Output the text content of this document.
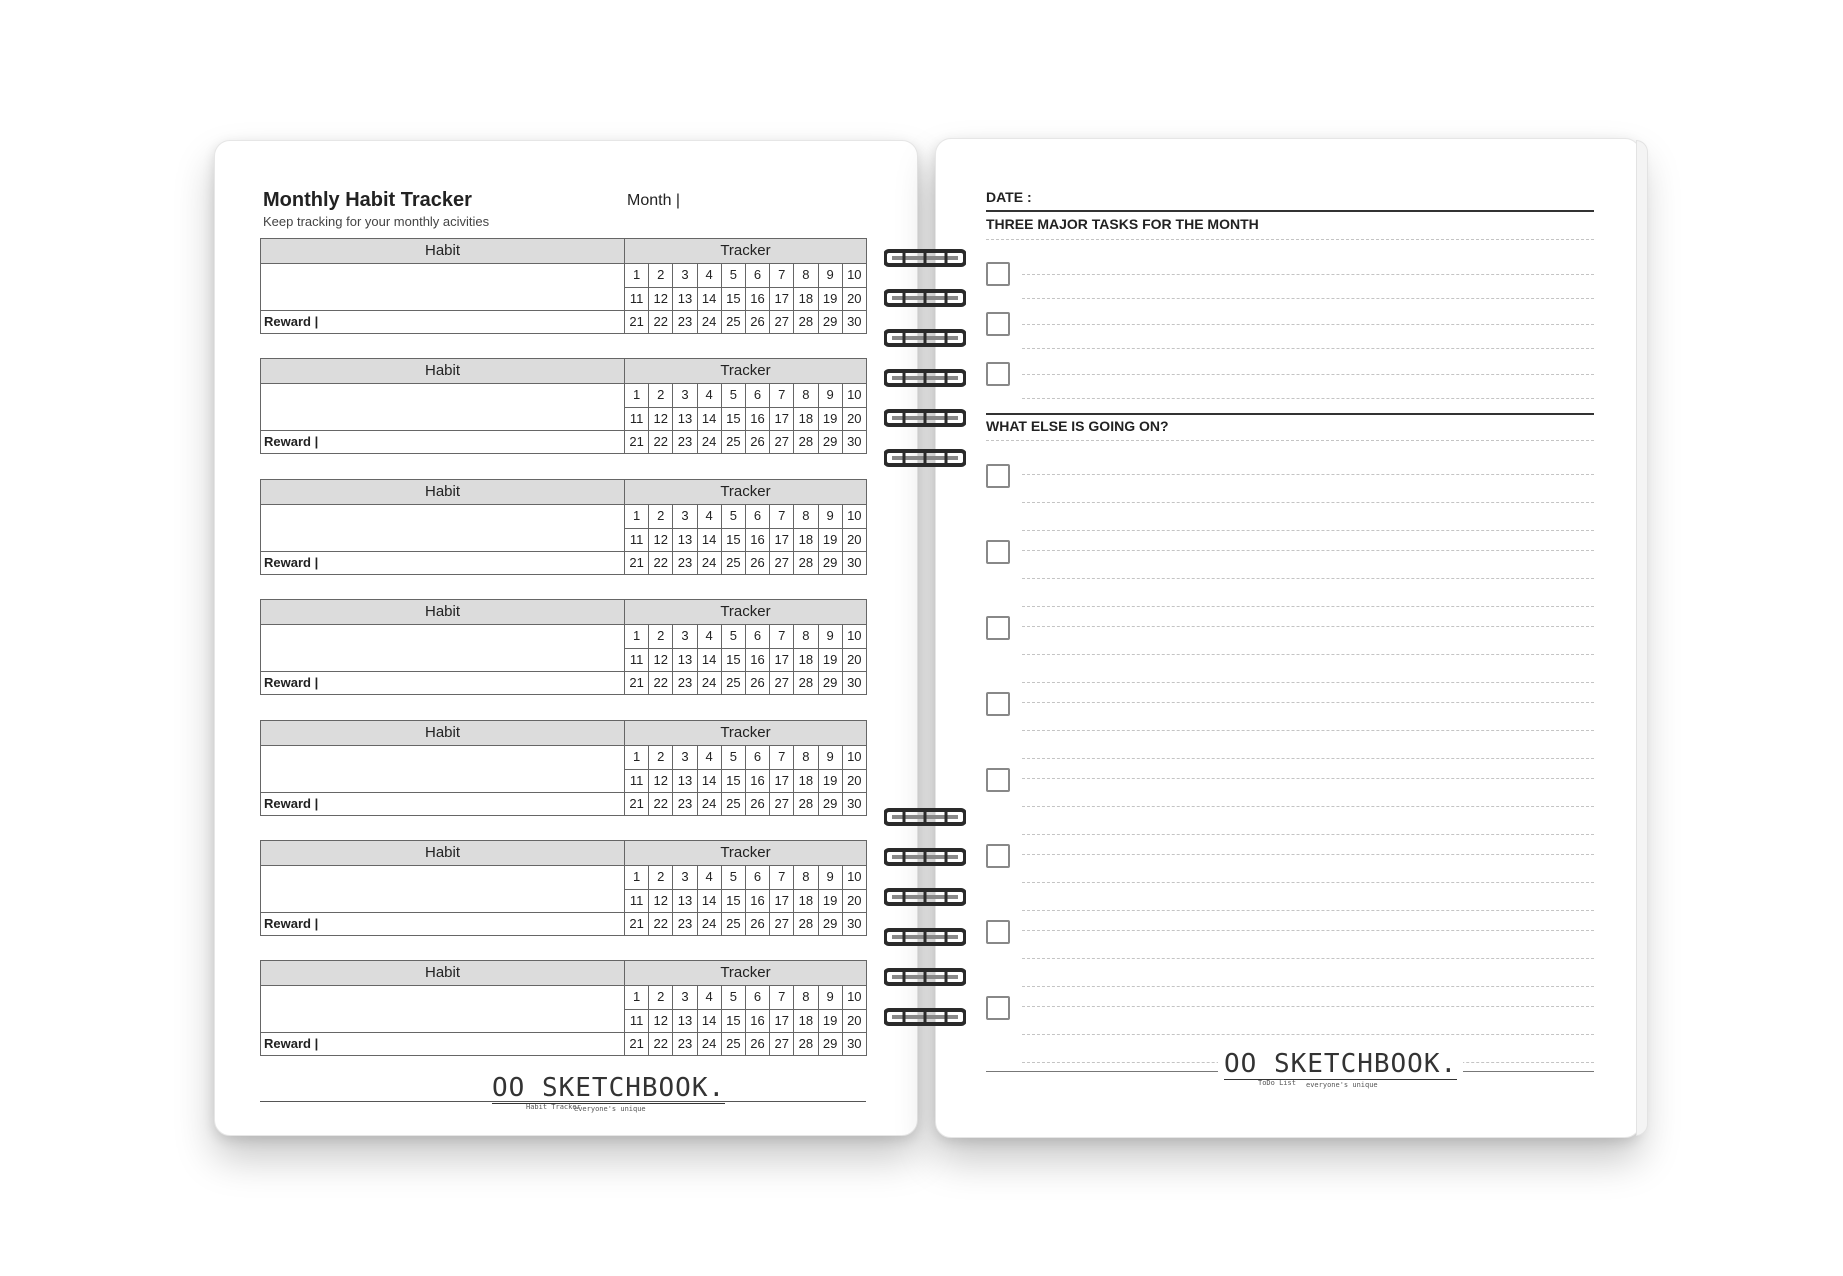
Monthly Habit Tracker
Keep tracking for your monthly acivities
Month |
Habit	Tracker									
	1	2	3	4	5	6	7	8	9	10
	11	12	13	14	15	16	17	18	19	20
Reward |	21	22	23	24	25	26	27	28	29	30
Habit	Tracker									
	1	2	3	4	5	6	7	8	9	10
	11	12	13	14	15	16	17	18	19	20
Reward |	21	22	23	24	25	26	27	28	29	30
Habit	Tracker									
	1	2	3	4	5	6	7	8	9	10
	11	12	13	14	15	16	17	18	19	20
Reward |	21	22	23	24	25	26	27	28	29	30
Habit	Tracker									
	1	2	3	4	5	6	7	8	9	10
	11	12	13	14	15	16	17	18	19	20
Reward |	21	22	23	24	25	26	27	28	29	30
Habit	Tracker									
	1	2	3	4	5	6	7	8	9	10
	11	12	13	14	15	16	17	18	19	20
Reward |	21	22	23	24	25	26	27	28	29	30
Habit	Tracker									
	1	2	3	4	5	6	7	8	9	10
	11	12	13	14	15	16	17	18	19	20
Reward |	21	22	23	24	25	26	27	28	29	30
Habit	Tracker									
	1	2	3	4	5	6	7	8	9	10
	11	12	13	14	15	16	17	18	19	20
Reward |	21	22	23	24	25	26	27	28	29	30
OO SKETCHBOOK.
Habit Tracker
everyone's unique
DATE :
THREE MAJOR TASKS FOR THE MONTH
WHAT ELSE IS GOING ON?
OO SKETCHBOOK.
ToDo List	everyone's unique
